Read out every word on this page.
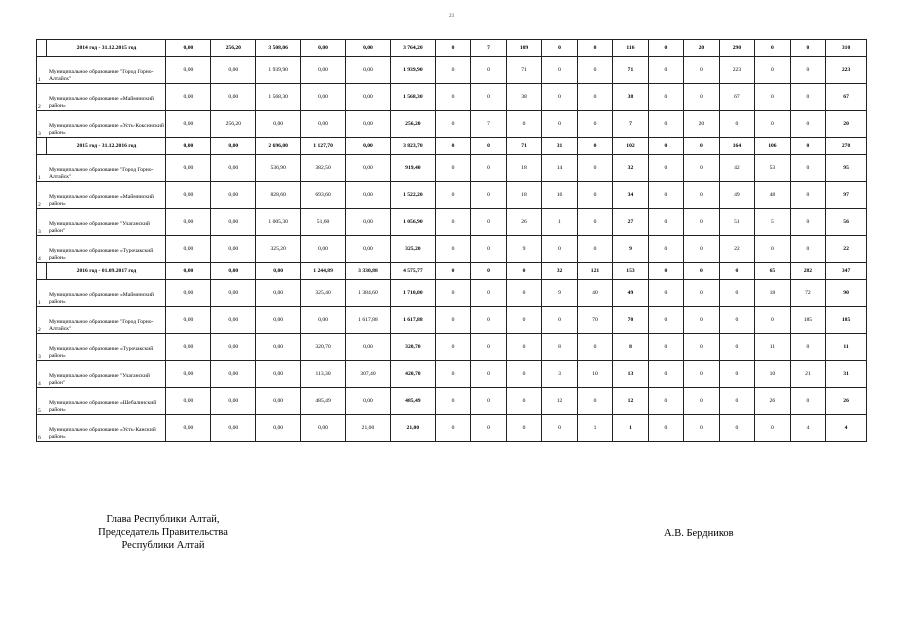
23
	2014 год - 31.12.2015 год	0,00	256,20	3 508,06	0,00	0,00	3 764,20	0	7	109	0	0	116	0	20	290	0	0	310
1	Муниципальное образование "Город Горно-Алтайск"	0,00	0,00	1 939,90	0,00	0,00	1 939,90	0	0	71	0	0	71	0	0	223	0	0	223
2	Муниципальное образование «Майминский район»	0,00	0,00	1 568,30	0,00	0,00	1 568,30	0	0	38	0	0	38	0	0	67	0	0	67
3	Муниципальное образование «Усть-Коксинский район»	0,00	256,20	0,00	0,00	0,00	256,20	0	7	0	0	0	7	0	20	0	0	0	20
	2015 год - 31.12.2016 год	0,00	0,00	2 696,00	1 127,70	0,00	3 823,70	0	0	71	31	0	102	0	0	164	106	0	270
1	Муниципальное образование "Город Горно-Алтайск"	0,00	0,00	536,90	382,50	0,00	919,40	0	0	18	14	0	32	0	0	42	53	0	95
2	Муниципальное образование «Майминский район»	0,00	0,00	828,60	693,60	0,00	1 522,20	0	0	18	16	0	34	0	0	49	48	0	97
3	Муниципальное образование "Улаганский район"	0,00	0,00	1 005,30	51,60	0,00	1 056,90	0	0	26	1	0	27	0	0	51	5	0	56
4	Муниципальное образование «Турочакский район»	0,00	0,00	325,20	0,00	0,00	325,20	0	0	9	0	0	9	0	0	22	0	0	22
	2016 год - 01.09.2017 год	0,00	0,00	0,00	1 244,89	3 330,88	4 575,77	0	0	0	32	121	153	0	0	0	65	282	347
1	Муниципальное образование «Майминский район»	0,00	0,00	0,00	325,40	1 384,60	1 710,00	0	0	0	9	40	49	0	0	0	18	72	90
2	Муниципальное образование "Город Горно-Алтайск"	0,00	0,00	0,00	0,00	1 617,88	1 617,88	0	0	0	0	70	70	0	0	0	0	185	185
3	Муниципальное образование «Турочакский район»	0,00	0,00	0,00	320,70	0,00	320,70	0	0	0	8	0	8	0	0	0	11	0	11
4	Муниципальное образование "Улаганский район"	0,00	0,00	0,00	113,30	307,40	420,70	0	0	0	3	10	13	0	0	0	10	21	31
5	Муниципальное образование «Шебалинский район»	0,00	0,00	0,00	485,49	0,00	485,49	0	0	0	12	0	12	0	0	0	26	0	26
6	Муниципальное образование «Усть-Канский район»	0,00	0,00	0,00	0,00	21,00	21,00	0	0	0	0	1	1	0	0	0	0	4	4
Глава Республики Алтай,
Председатель Правительства
Республики Алтай
А.В. Бердников
